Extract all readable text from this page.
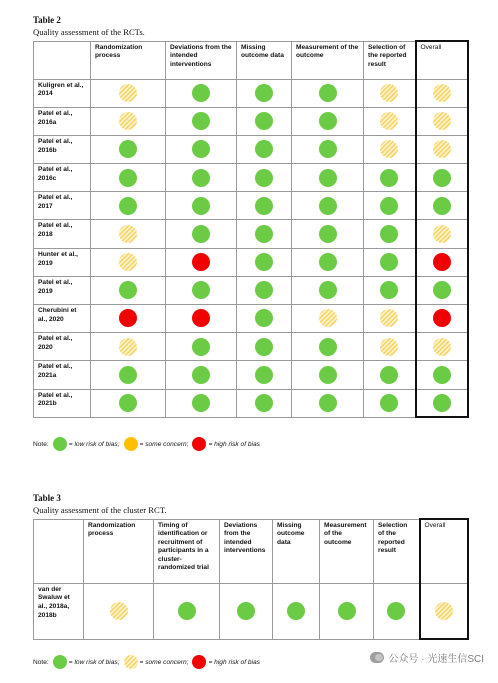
Table 2
Quality assessment of the RCTs.
	Randomization process	Deviations from the intended interventions	Missing outcome data	Measurement of the outcome	Selection of the reported result	Overall
Kuligren et al., 2014						
Patel et al., 2016a						
Patel et al., 2016b						
Patel et al., 2016c						
Patel et al., 2017						
Patel et al., 2018						
Hunter et al., 2019						
Patel et al., 2019						
Cherubini et al., 2020						
Patel et al., 2020						
Patel et al., 2021a						
Patel et al., 2021b						
Note:	= low risk of bias;	= some concern;	= high risk of bias
Table 3
Quality assessment of the cluster RCT.
	Randomization process	Timing of identification or recruitment of participants in a cluster-randomized trial	Deviations from the intended interventions	Missing outcome data	Measurement of the outcome	Selection of the reported result	Overall
van der Swaluw et al., 2018a, 2018b							
Note:	= low risk of bias;	= some concern;	= high risk of bias	公众号 · 光速生信SCI
